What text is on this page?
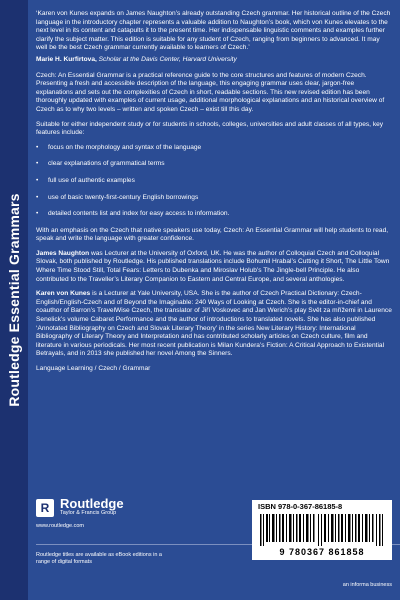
Routledge Essential Grammars

‘Karen von Kunes expands on James Naughton’s already outstanding Czech grammar. Her historical outline of the Czech language in the introductory chapter represents a valuable addition to Naughton’s book, which von Kunes elevates to the next level in its content and catapults it to the present time. Her indispensable linguistic comments and examples further clarify the subject matter. This edition is suitable for any student of Czech, ranging from beginners to advanced. It may well be the best Czech grammar currently available to learners of Czech.’

Marie H. Kurfirtova, Scholar at the Davis Center, Harvard University

Czech: An Essential Grammar is a practical reference guide to the core structures and features of modern Czech. Presenting a fresh and accessible description of the language, this engaging grammar uses clear, jargon-free explanations and sets out the complexities of Czech in short, readable sections. This new revised edition has been thoroughly updated with examples of current usage, additional morphological explanations and an historical overview of Czech as to why two levels – written and spoken Czech – exist till this day.

Suitable for either independent study or for students in schools, colleges, universities and adult classes of all types, key features include:

• focus on the morphology and syntax of the language
• clear explanations of grammatical terms
• full use of authentic examples
• use of basic twenty-first-century English borrowings
• detailed contents list and index for easy access to information.

With an emphasis on the Czech that native speakers use today, Czech: An Essential Grammar will help students to read, speak and write the language with greater confidence.

James Naughton was Lecturer at the University of Oxford, UK. He was the author of Colloquial Czech and Colloquial Slovak, both published by Routledge. His published translations include Bohumil Hrabal’s Cutting it Short, The Little Town Where Time Stood Still, Total Fears: Letters to Dubenka and Miroslav Holub’s The Jingle-bell Principle. He also contributed to the Traveller’s Literary Companion to Eastern and Central Europe, and several anthologies.

Karen von Kunes is a Lecturer at Yale University, USA. She is the author of Czech Practical Dictionary: Czech-English/English-Czech and of Beyond the Imaginable: 240 Ways of Looking at Czech. She is the editor-in-chief and coauthor of Barron’s TravelWise Czech, the translator of Jiří Voskovec and Jan Werich’s play Svět za mřížemi in Laurence Senelick’s volume Cabaret Performance and the author of introductions to translated novels. She has also published ‘Annotated Bibliography on Czech and Slovak Literary Theory’ in the series New Literary History: International Bibliography of Literary Theory and Interpretation and has contributed scholarly articles on Czech culture, film and literature in various periodicals. Her most recent publication is Milan Kundera’s Fiction: A Critical Approach to Existential Betrayals, and in 2013 she published her novel Among the Sinners.

Language Learning / Czech / Grammar

R Routledge
Taylor & Francis Group
www.routledge.com
Routledge titles are available as eBook editions in a range of digital formats
ISBN 978-0-367-86185-8
9 780367 861858
an informa business
